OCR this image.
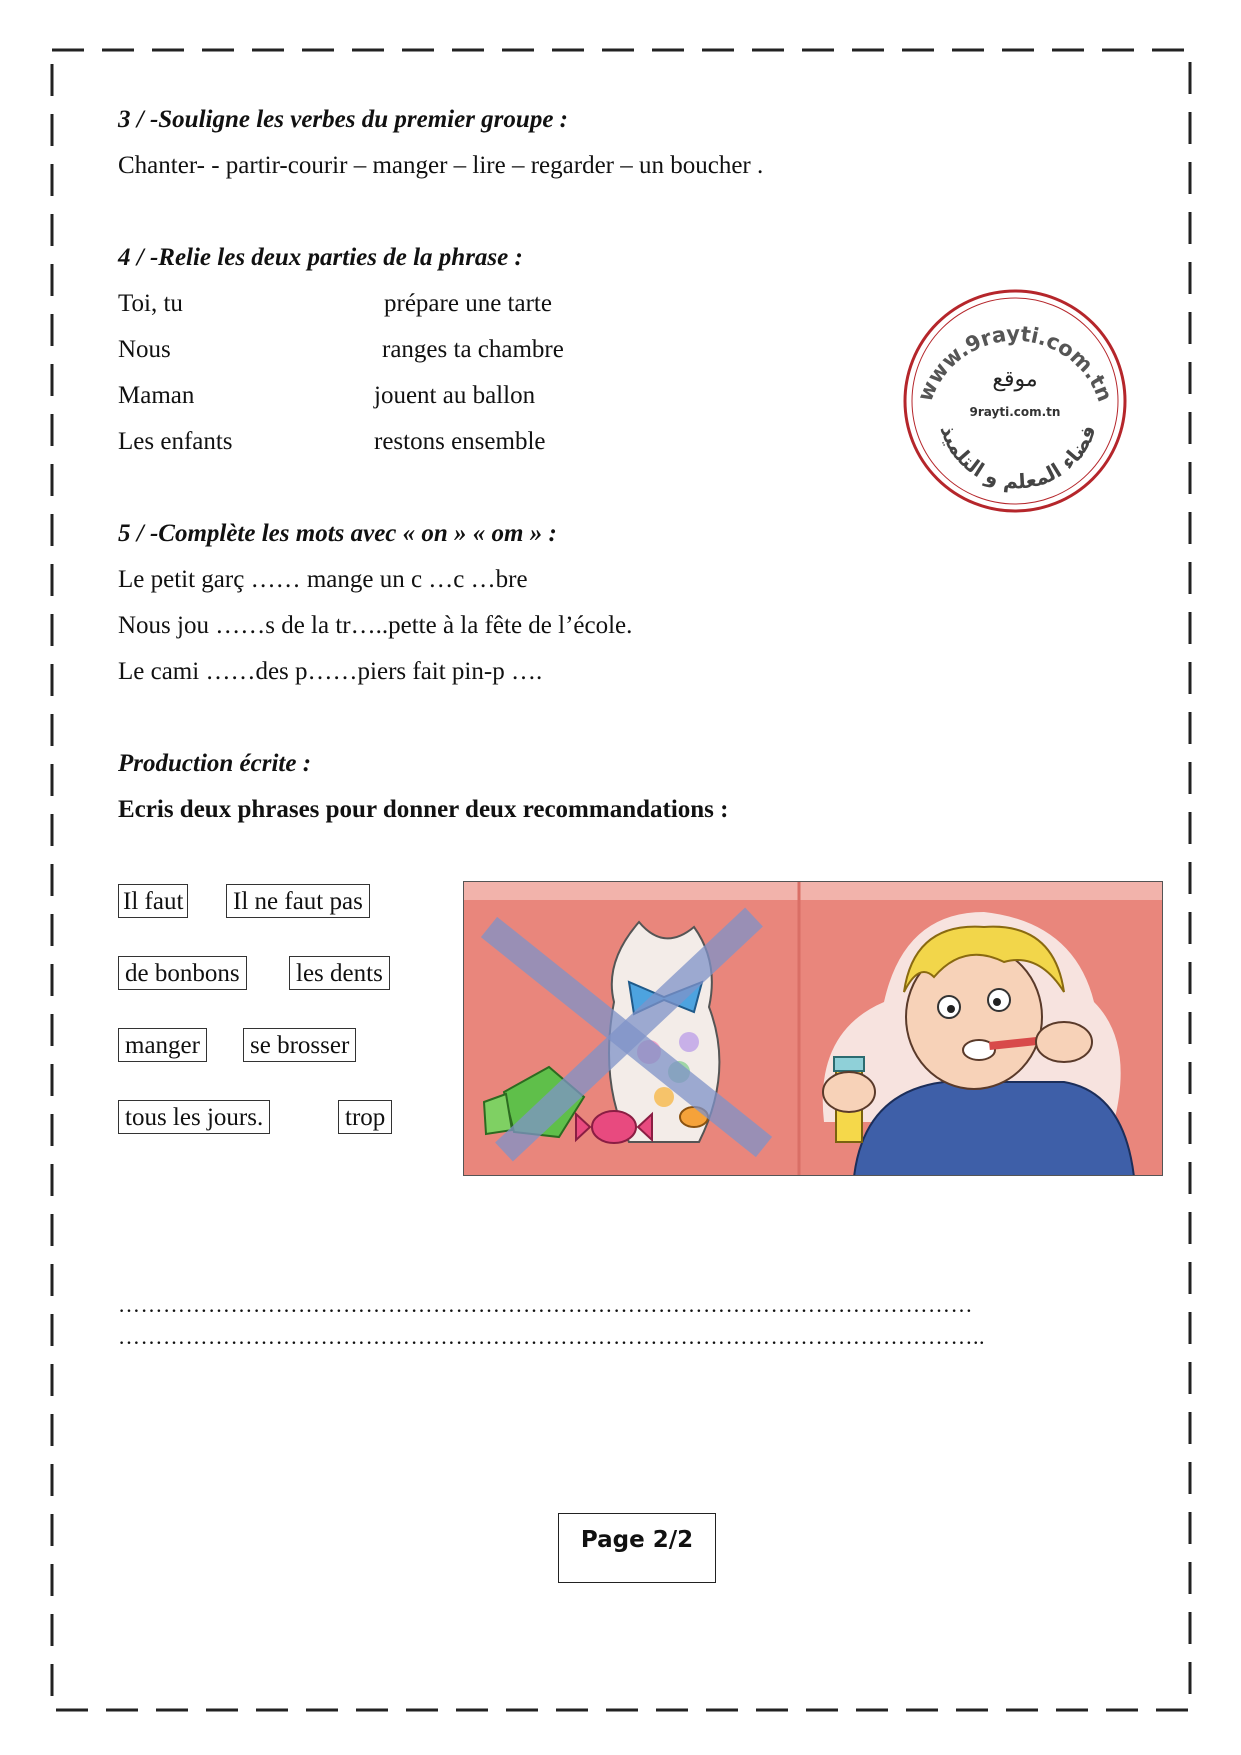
3 / -Souligne les verbes du premier groupe :
Chanter- - partir-courir – manger – lire – regarder – un boucher .
4 / -Relie les deux parties de la phrase :
Toi, tu
Nous
Maman
Les enfants
prépare une tarte
ranges ta chambre
jouent au ballon
restons ensemble
www.9rayti.com.tn
موقع
9rayti.com.tn
فضاء المعلم و التلميذ
5 / -Complète les mots avec « on » « om » :
Le petit garç …… mange un c …c …bre
Nous jou ……s de la tr…..pette à la fête de l’école.
Le cami ……des p……piers fait pin-p ….
Production écrite :
Ecris deux phrases pour donner deux recommandations :
Il faut Il ne faut pas
de bonbons les dents
manger se brosser
tous les jours.	trop
……………………………………………………………………………………………………
……………………………………………………………………………………………………..
Page 2/2
